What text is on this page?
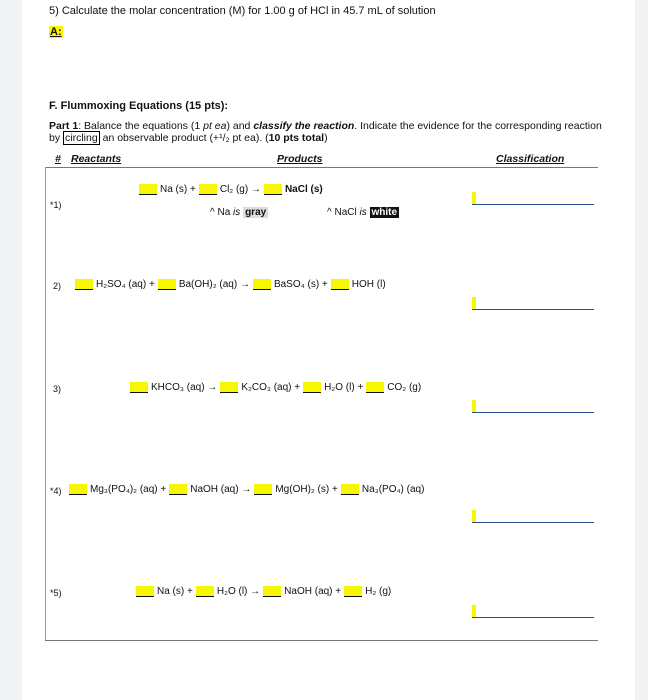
5) Calculate the molar concentration (M) for 1.00 g of HCl in 45.7 mL of solution
A:
F. Flummoxing Equations (15 pts):
Part 1: Balance the equations (1 pt ea) and classify the reaction. Indicate the evidence for the corresponding reaction by circling an observable product (+¹/₂ pt ea). (10 pts total)
# Reactants	Products	Classification
*1)
Na (s) + Cl₂ (g) → NaCl (s)
^ Na is gray	^ NaCl is white
2)	H₂SO₄ (aq) + Ba(OH)₂ (aq) → BaSO₄ (s) + HOH (l)
3)	KHCO₃ (aq) → K₂CO₃ (aq) + H₂O (l) + CO₂ (g)
*4)	Mg₃(PO₄)₂ (aq) + NaOH (aq) → Mg(OH)₂ (s) + Na₃(PO₄) (aq)
*5)	Na (s) + H₂O (l) → NaOH (aq) + H₂ (g)
